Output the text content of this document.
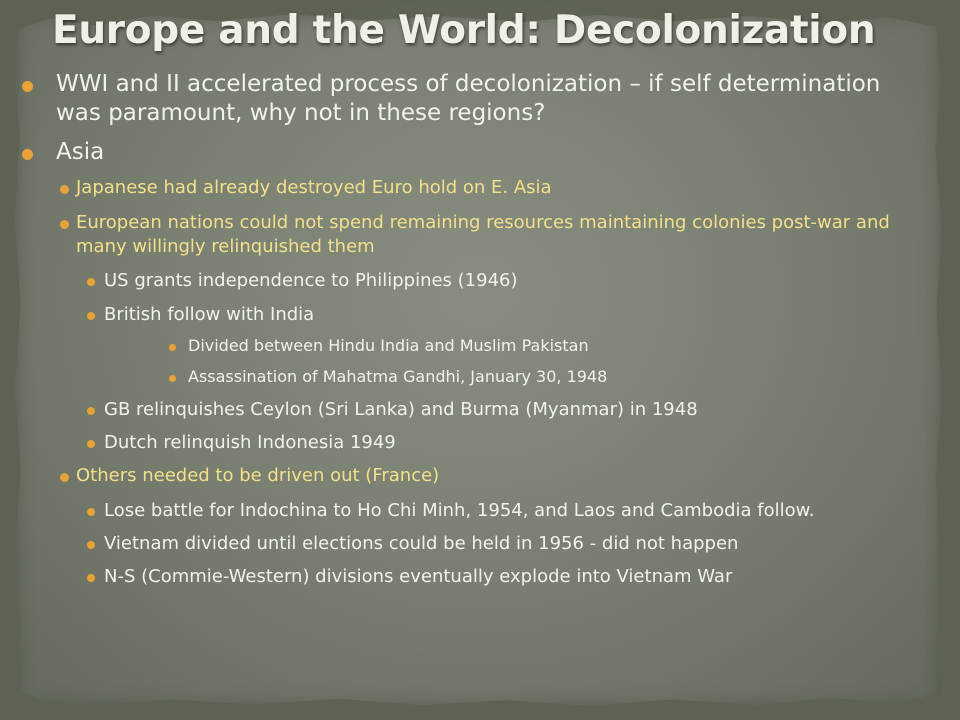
Europe and the World: Decolonization

WWI and II accelerated process of decolonization – if self determination was paramount, why not in these regions?

Asia

Japanese had already destroyed Euro hold on E. Asia

European nations could not spend remaining resources maintaining colonies post-war and many willingly relinquished them

US grants independence to Philippines (1946)

British follow with India

Divided between Hindu India and Muslim Pakistan

Assassination of Mahatma Gandhi, January 30, 1948

GB relinquishes Ceylon (Sri Lanka) and Burma (Myanmar) in 1948

Dutch relinquish Indonesia 1949

Others needed to be driven out (France)

Lose battle for Indochina to Ho Chi Minh, 1954, and Laos and Cambodia follow.

Vietnam divided until elections could be held in 1956 - did not happen

N-S (Commie-Western) divisions eventually explode into Vietnam War
